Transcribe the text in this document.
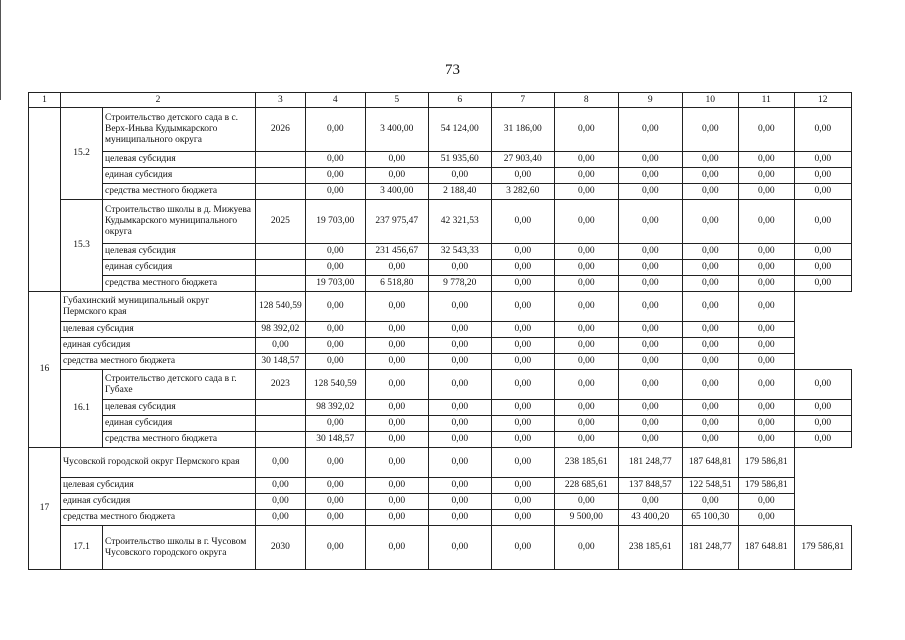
73
1	2		3	4	5	6	7	8	9	10	11	12
	15.2	Строительство детского сада в с. Верх-Иньва Кудымкарского муниципального округа	2026	0,00	3 400,00	54 124,00	31 186,00	0,00	0,00	0,00	0,00	0,00
		целевая субсидия		0,00	0,00	51 935,60	27 903,40	0,00	0,00	0,00	0,00	0,00
		единая субсидия		0,00	0,00	0,00	0,00	0,00	0,00	0,00	0,00	0,00
		средства местного бюджета		0,00	3 400,00	2 188,40	3 282,60	0,00	0,00	0,00	0,00	0,00
	15.3	Строительство школы в д. Мижуева Кудымкарского муниципального округа	2025	19 703,00	237 975,47	42 321,53	0,00	0,00	0,00	0,00	0,00	0,00
		целевая субсидия		0,00	231 456,67	32 543,33	0,00	0,00	0,00	0,00	0,00	0,00
		единая субсидия		0,00	0,00	0,00	0,00	0,00	0,00	0,00	0,00	0,00
		средства местного бюджета		19 703,00	6 518,80	9 778,20	0,00	0,00	0,00	0,00	0,00	0,00
16	Губахинский муниципальный округ Пермского края		128 540,59	0,00	0,00	0,00	0,00	0,00	0,00	0,00	0,00	
	целевая субсидия		98 392,02	0,00	0,00	0,00	0,00	0,00	0,00	0,00	0,00	
	единая субсидия		0,00	0,00	0,00	0,00	0,00	0,00	0,00	0,00	0,00	
	средства местного бюджета		30 148,57	0,00	0,00	0,00	0,00	0,00	0,00	0,00	0,00	
	16.1	Строительство детского сада в г. Губахе	2023	128 540,59	0,00	0,00	0,00	0,00	0,00	0,00	0,00	0,00
		целевая субсидия		98 392,02	0,00	0,00	0,00	0,00	0,00	0,00	0,00	0,00
		единая субсидия		0,00	0,00	0,00	0,00	0,00	0,00	0,00	0,00	0,00
		средства местного бюджета		30 148,57	0,00	0,00	0,00	0,00	0,00	0,00	0,00	0,00
17	Чусовской городской округ Пермского края		0,00	0,00	0,00	0,00	0,00	238 185,61	181 248,77	187 648,81	179 586,81	
	целевая субсидия		0,00	0,00	0,00	0,00	0,00	228 685,61	137 848,57	122 548,51	179 586,81	
	единая субсидия		0,00	0,00	0,00	0,00	0,00	0,00	0,00	0,00	0,00	
	средства местного бюджета		0,00	0,00	0,00	0,00	0,00	9 500,00	43 400,20	65 100,30	0,00	
	17.1	Строительство школы в г. Чусовом Чусовского городского округа	2030	0,00	0,00	0,00	0,00	0,00	238 185,61	181 248,77	187 648.81	179 586,81
